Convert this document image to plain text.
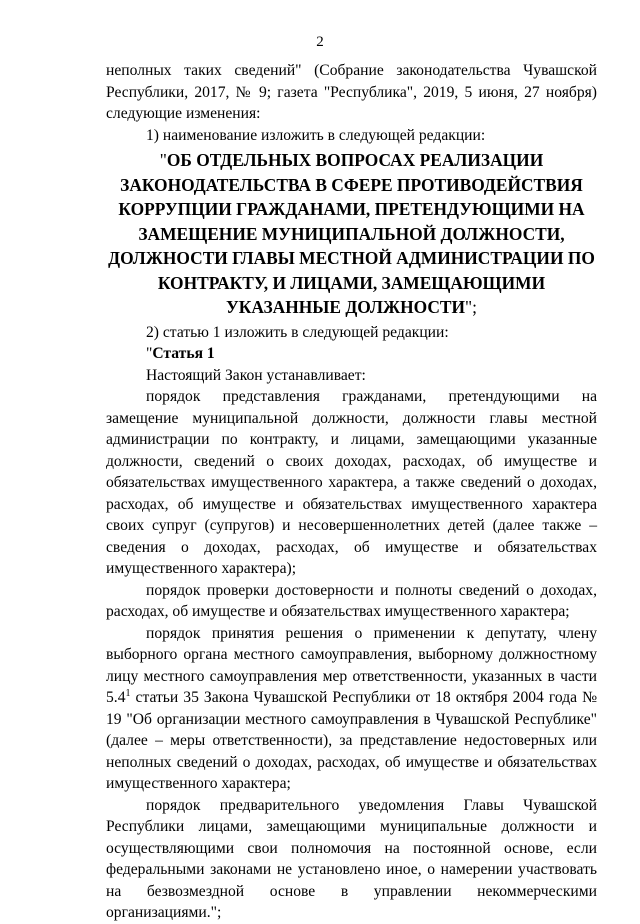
2

неполных таких сведений" (Собрание законодательства Чувашской Республики, 2017, № 9; газета "Республика", 2019, 5 июня, 27 ноября) следующие изменения:

1) наименование изложить в следующей редакции:

"ОБ ОТДЕЛЬНЫХ ВОПРОСАХ РЕАЛИЗАЦИИ ЗАКОНОДАТЕЛЬСТВА В СФЕРЕ ПРОТИВОДЕЙСТВИЯ КОРРУПЦИИ ГРАЖДАНАМИ, ПРЕТЕНДУЮЩИМИ НА ЗАМЕЩЕНИЕ МУНИЦИПАЛЬНОЙ ДОЛЖНОСТИ, ДОЛЖНОСТИ ГЛАВЫ МЕСТНОЙ АДМИНИСТРАЦИИ ПО КОНТРАКТУ, И ЛИЦАМИ, ЗАМЕЩАЮЩИМИ УКАЗАННЫЕ ДОЛЖНОСТИ";

2) статью 1 изложить в следующей редакции:

"Статья 1

Настоящий Закон устанавливает:

порядок представления гражданами, претендующими на замещение муниципальной должности, должности главы местной администрации по контракту, и лицами, замещающими указанные должности, сведений о своих доходах, расходах, об имуществе и обязательствах имущественного характера, а также сведений о доходах, расходах, об имуществе и обязательствах имущественного характера своих супруг (супругов) и несовершеннолетних детей (далее также – сведения о доходах, расходах, об имуществе и обязательствах имущественного характера);

порядок проверки достоверности и полноты сведений о доходах, расходах, об имуществе и обязательствах имущественного характера;

порядок принятия решения о применении к депутату, члену выборного органа местного самоуправления, выборному должностному лицу местного самоуправления мер ответственности, указанных в части $5.4^1$ статьи 35 Закона Чувашской Республики от 18 октября 2004 года № 19 "Об организации местного самоуправления в Чувашской Республике" (далее – меры ответственности), за представление недостоверных или неполных сведений о доходах, расходах, об имуществе и обязательствах имущественного характера;

порядок предварительного уведомления Главы Чувашской Республики лицами, замещающими муниципальные должности и осуществляющими свои полномочия на постоянной основе, если федеральными законами не установлено иное, о намерении участвовать на безвозмездной основе в управлении некоммерческими организациями.";
